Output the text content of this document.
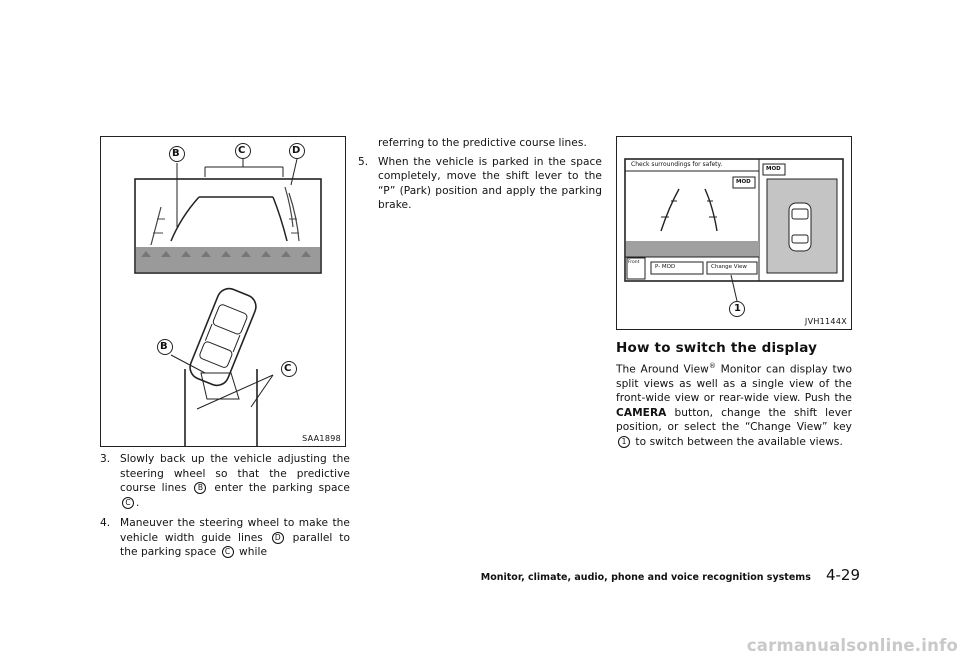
B	C	D
B
C
SAA1898
Check surroundings for safety.
MOD
MOD
Front
P- MOD	Change View
1
JVH1144X
3. Slowly back up the vehicle adjusting the steering wheel so that the predictive course lines B enter the parking space C .
4. Maneuver the steering wheel to make the vehicle width guide lines D parallel to the parking space C while
referring to the predictive course lines.
5. When the vehicle is parked in the space completely, move the shift lever to the “P” (Park) position and apply the parking brake.
How to switch the display
The Around View® Monitor can display two split views as well as a single view of the front-wide view or rear-wide view. Push the CAMERA button, change the shift lever position, or select the “Change View” key 1 to switch between the available views.
Monitor, climate, audio, phone and voice recognition systems 4-29
carmanualsonline.info
